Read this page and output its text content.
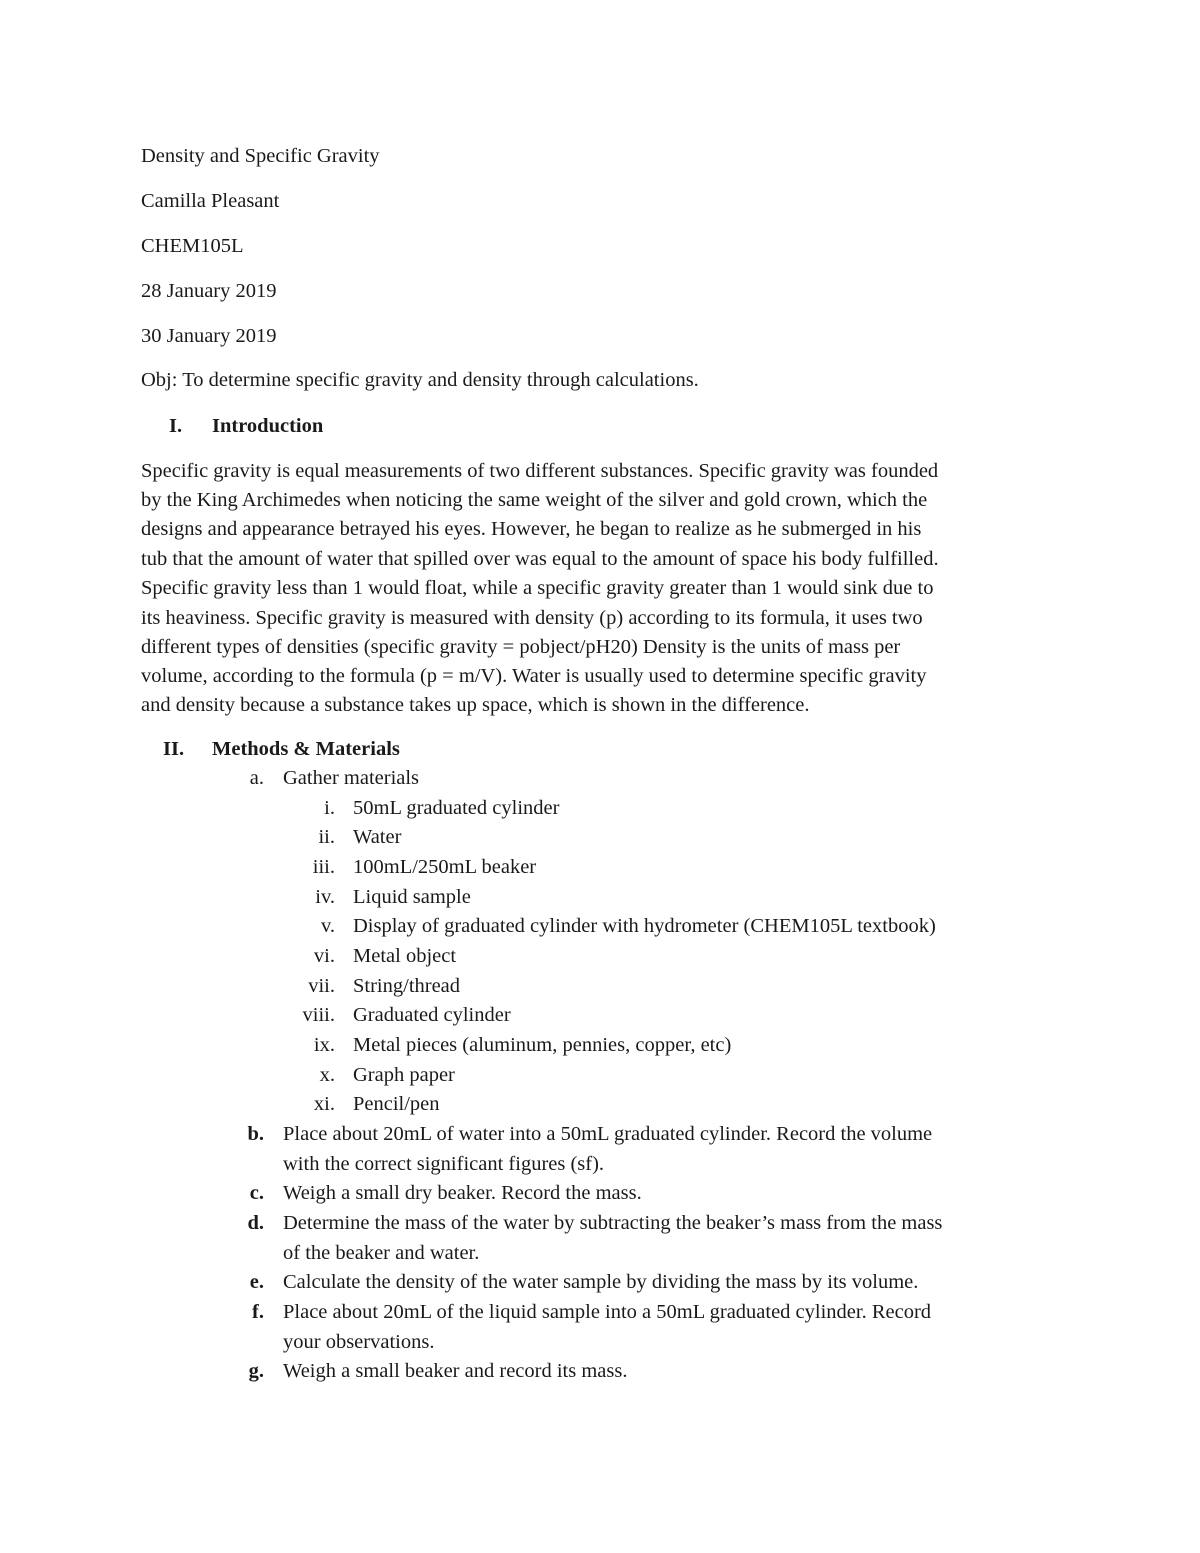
Density and Specific Gravity
Camilla Pleasant
CHEM105L
28 January 2019
30 January 2019
Obj: To determine specific gravity and density through calculations.
I. Introduction
Specific gravity is equal measurements of two different substances. Specific gravity was founded
by the King Archimedes when noticing the same weight of the silver and gold crown, which the
designs and appearance betrayed his eyes. However, he began to realize as he submerged in his
tub that the amount of water that spilled over was equal to the amount of space his body fulfilled.
Specific gravity less than 1 would float, while a specific gravity greater than 1 would sink due to
its heaviness. Specific gravity is measured with density (p) according to its formula, it uses two
different types of densities (specific gravity = pobject/pH20) Density is the units of mass per
volume, according to the formula (p = m/V). Water is usually used to determine specific gravity
and density because a substance takes up space, which is shown in the difference.
II. Methods & Materials
a. Gather materials
i. 50mL graduated cylinder
ii. Water
iii. 100mL/250mL beaker
iv. Liquid sample
v. Display of graduated cylinder with hydrometer (CHEM105L textbook)
vi. Metal object
vii. String/thread
viii. Graduated cylinder
ix. Metal pieces (aluminum, pennies, copper, etc)
x. Graph paper
xi. Pencil/pen
b. Place about 20mL of water into a 50mL graduated cylinder. Record the volume
with the correct significant figures (sf).
c. Weigh a small dry beaker. Record the mass.
d. Determine the mass of the water by subtracting the beaker’s mass from the mass
of the beaker and water.
e. Calculate the density of the water sample by dividing the mass by its volume.
f. Place about 20mL of the liquid sample into a 50mL graduated cylinder. Record
your observations.
g. Weigh a small beaker and record its mass.
